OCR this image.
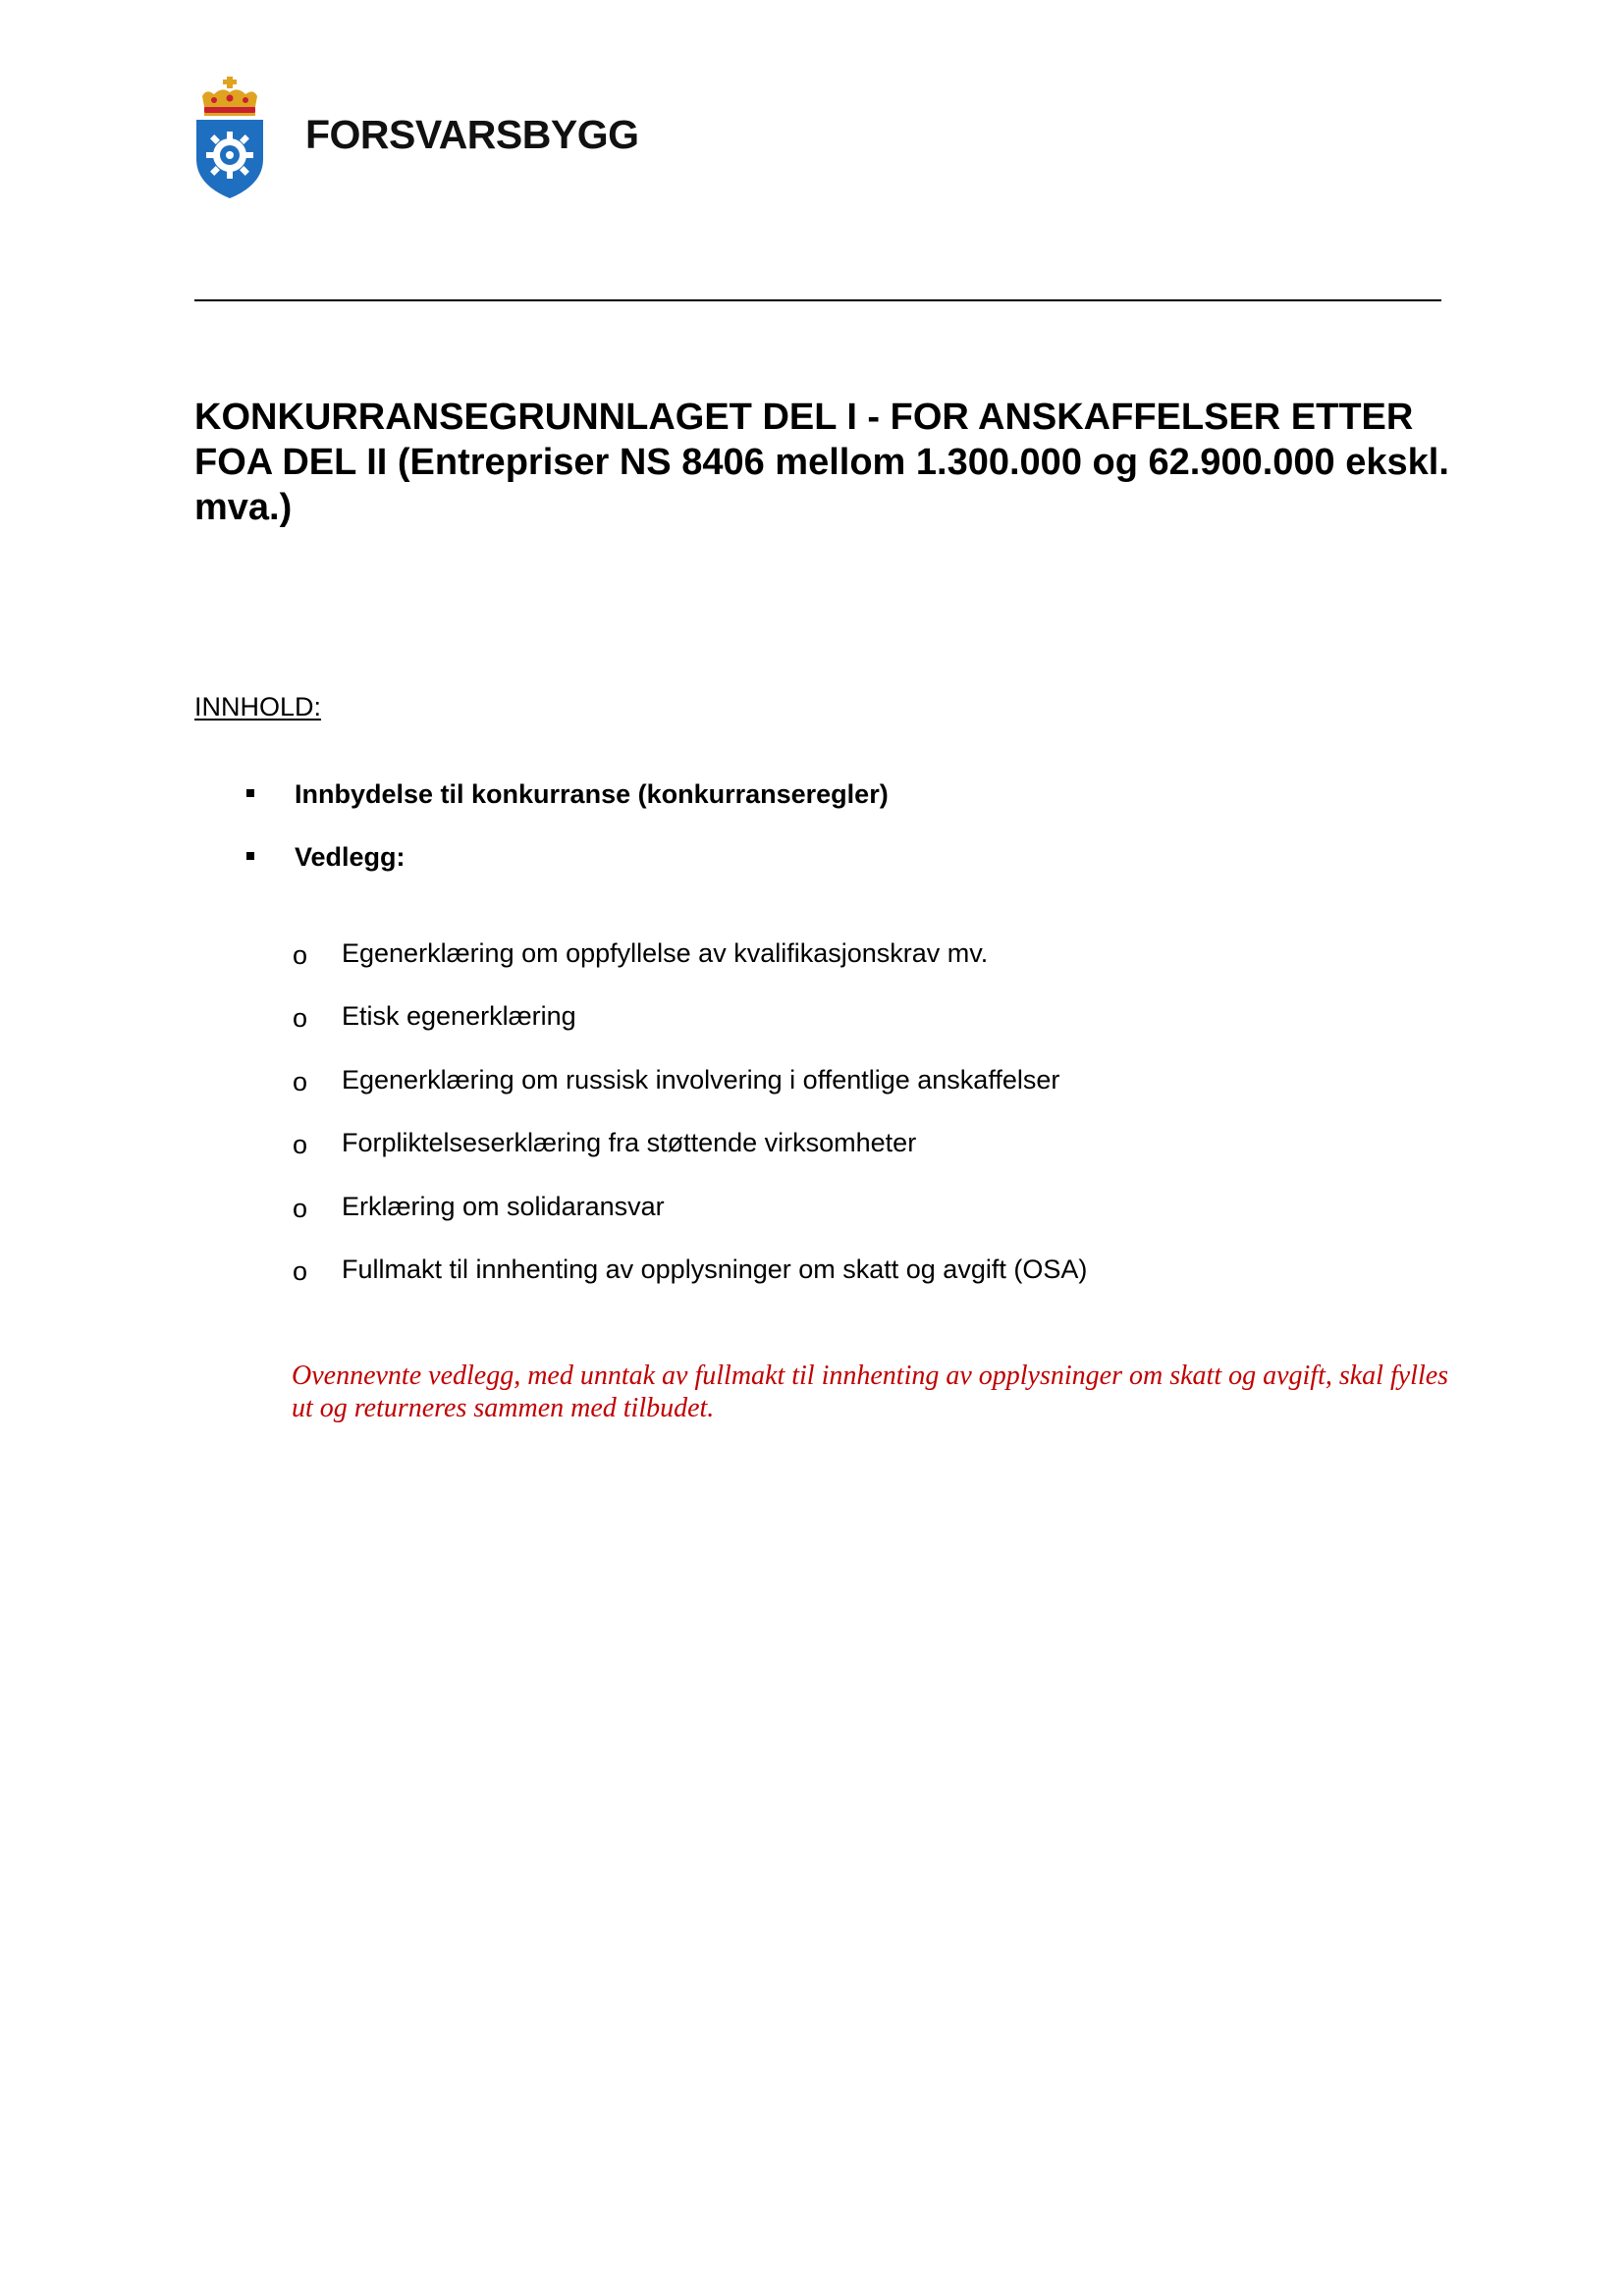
FORSVARSBYGG
KONKURRANSEGRUNNLAGET DEL I - FOR ANSKAFFELSER ETTER FOA DEL II (Entrepriser NS 8406 mellom 1.300.000 og 62.900.000 ekskl. mva.)
INNHOLD:
Innbydelse til konkurranse (konkurranseregler)
Vedlegg:
o Egenerklæring om oppfyllelse av kvalifikasjonskrav mv.
o Etisk egenerklæring
o Egenerklæring om russisk involvering i offentlige anskaffelser
o Forpliktelseserklæring fra støttende virksomheter
o Erklæring om solidaransvar
o Fullmakt til innhenting av opplysninger om skatt og avgift (OSA)

Ovennevnte vedlegg, med unntak av fullmakt til innhenting av opplysninger om skatt og avgift, skal fylles ut og returneres sammen med tilbudet.
